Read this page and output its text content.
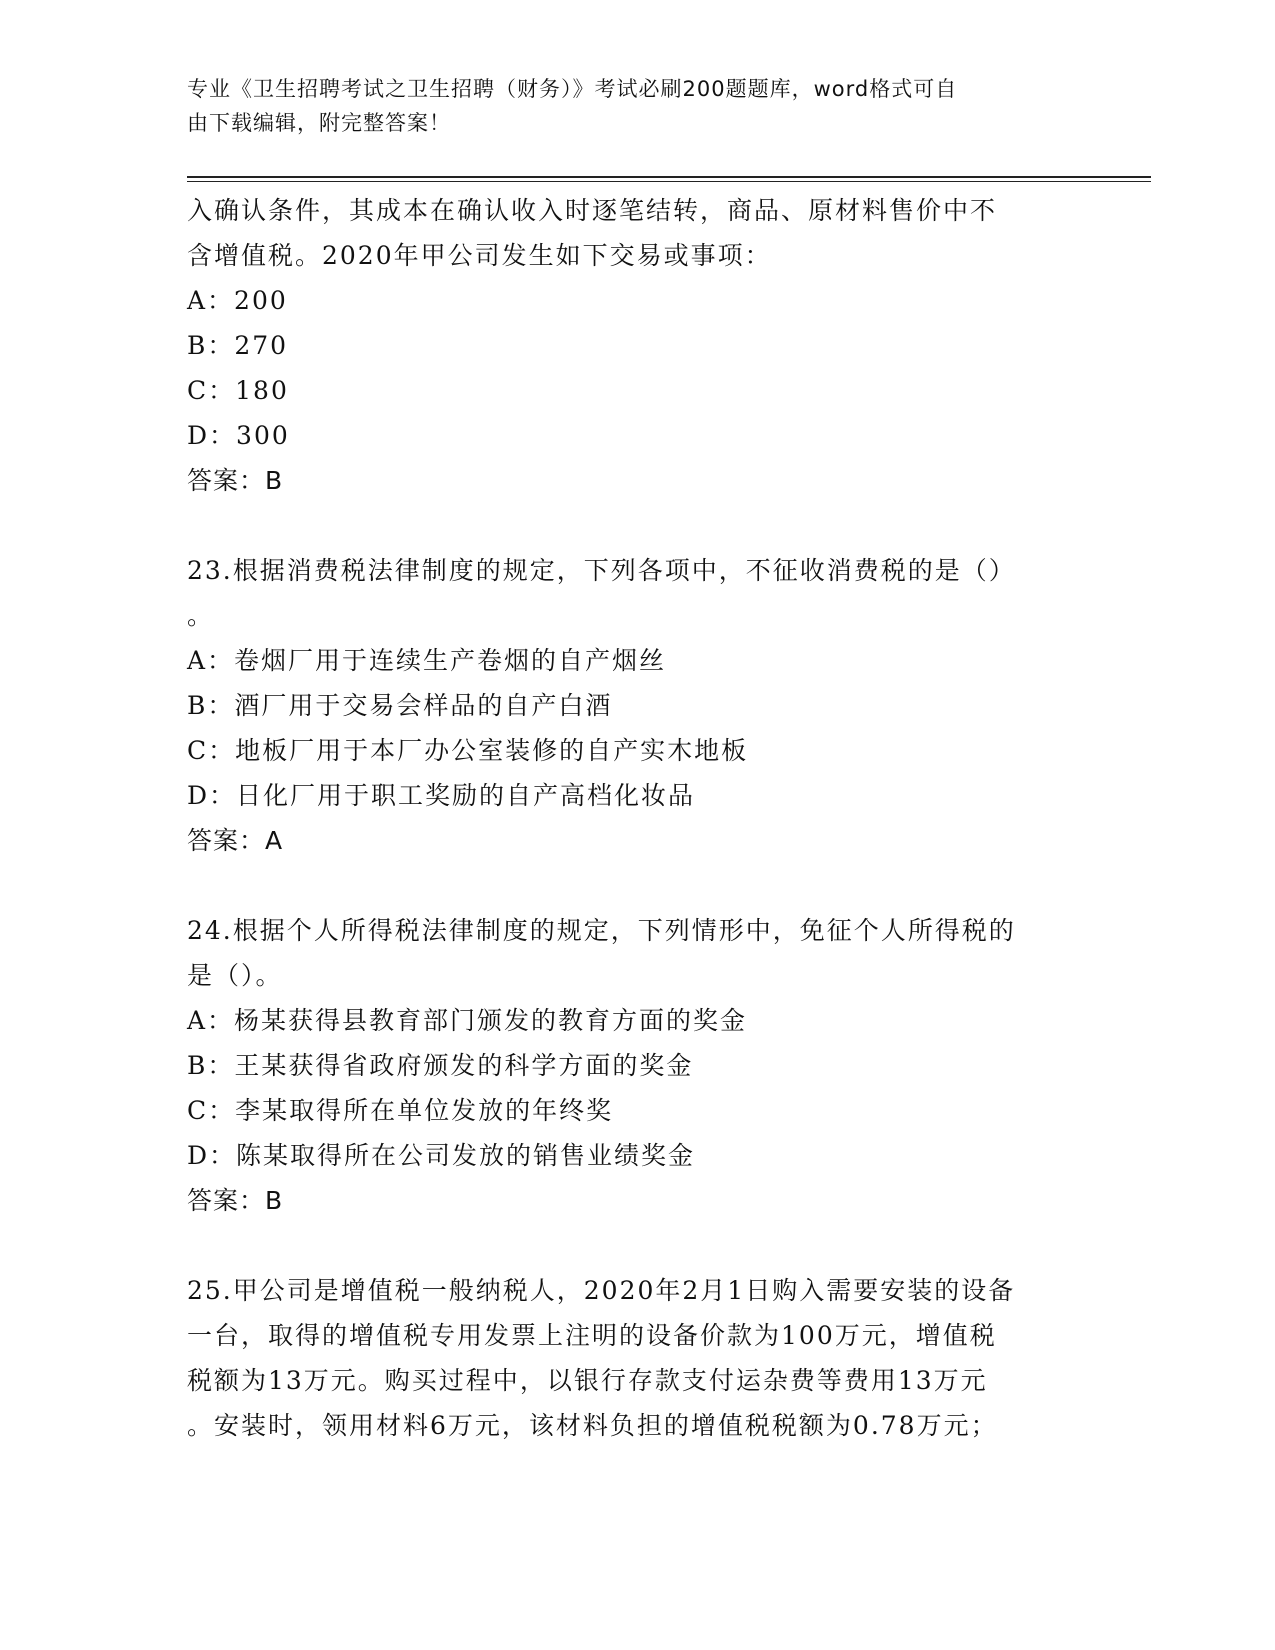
专业《卫生招聘考试之卫生招聘（财务）》考试必刷200题题库，word格式可自
由下载编辑，附完整答案！
入确认条件，其成本在确认收入时逐笔结转，商品、原材料售价中不
含增值税。2020年甲公司发生如下交易或事项：
A：200
B：270
C：180
D：300
答案：B
23.根据消费税法律制度的规定，下列各项中，不征收消费税的是（）
。
A：卷烟厂用于连续生产卷烟的自产烟丝
B：酒厂用于交易会样品的自产白酒
C：地板厂用于本厂办公室装修的自产实木地板
D：日化厂用于职工奖励的自产高档化妆品
答案：A
24.根据个人所得税法律制度的规定，下列情形中，免征个人所得税的
是（）。
A：杨某获得县教育部门颁发的教育方面的奖金
B：王某获得省政府颁发的科学方面的奖金
C：李某取得所在单位发放的年终奖
D：陈某取得所在公司发放的销售业绩奖金
答案：B
25.甲公司是增值税一般纳税人，2020年2月1日购入需要安装的设备
一台，取得的增值税专用发票上注明的设备价款为100万元，增值税
税额为13万元。购买过程中，以银行存款支付运杂费等费用13万元
。安装时，领用材料6万元，该材料负担的增值税税额为0.78万元；
